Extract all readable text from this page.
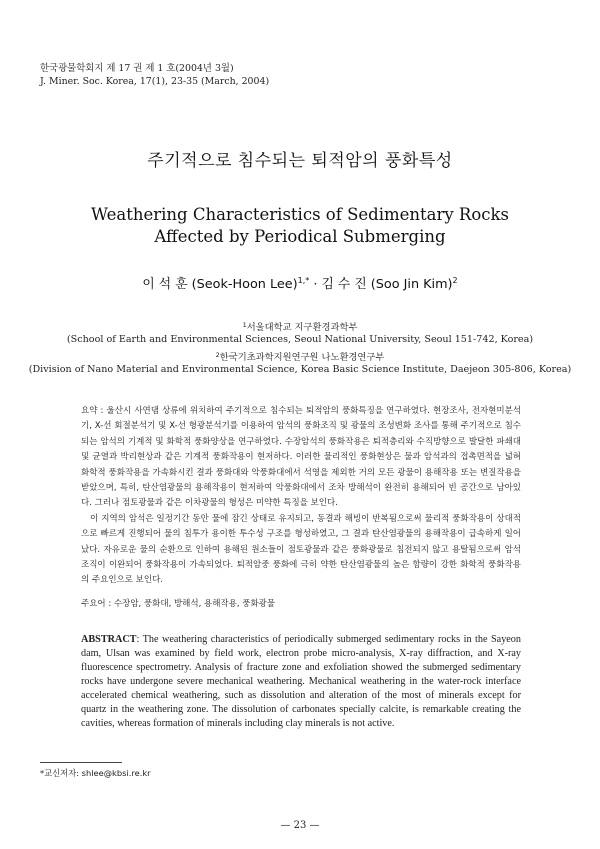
한국광물학회지 제 17 권 제 1 호(2004년 3월)
J. Miner. Soc. Korea, 17(1), 23-35 (March, 2004)
주기적으로 침수되는 퇴적암의 풍화특성
Weathering Characteristics of Sedimentary Rocks Affected by Periodical Submerging
이 석 훈 (Seok-Hoon Lee)$^{1,*}$ · 김 수 진 (Soo Jin Kim)$^2$
$^1$서울대학교 지구환경과학부
(School of Earth and Environmental Sciences, Seoul National University, Seoul 151-742, Korea)
$^2$한국기초과학지원연구원 나노환경연구부
(Division of Nano Material and Environmental Science, Korea Basic Science Institute, Daejeon 305-806, Korea)

요약 : 울산시 사연댐 상류에 위치하여 주기적으로 침수되는 퇴적암의 풍화특징을 연구하였다. 현장조사, 전자현미분석기, X-선 회절분석기 및 X-선 형광분석기를 이용하여 암석의 풍화조직 및 광물의 조성변화 조사를 통해 주기적으로 침수되는 암석의 기계적 및 화학적 풍화양상을 연구하였다. 수장암석의 풍화작용은 퇴적층리와 수직방향으로 발달한 파쇄대 및 균열과 박리현상과 같은 기계적 풍화작용이 현저하다. 이러한 물리적인 풍화현상은 물과 암석과의 접촉면적을 넓혀 화학적 풍화작용을 가속화시킨 결과 풍화대와 악풍화대에서 석영을 제외한 거의 모든 광물이 용해작용 또는 변질작용을 받았으며, 특히, 탄산염광물의 용해작용이 현저하여 악풍화대에서 조차 방해석이 완전히 용해되어 빈 공간으로 남아있다. 그러나 점토광물과 같은 이차광물의 형성은 미약한 특징을 보인다.

이 지역의 암석은 일정기간 동안 물에 잠긴 상태로 유지되고, 동결과 해빙이 반복됨으로써 물리적 풍화작용이 상대적으로 빠르게 진행되어 물의 침투가 용이한 투수성 구조를 형성하였고, 그 결과 탄산염광물의 용해작용이 급속하게 일어났다. 자유로운 물의 순환으로 인하여 용해된 원소들이 점토광물과 같은 풍화광물로 침전되지 않고 용탈됨으로써 암석조직이 이완되어 풍화작용이 가속되었다. 퇴적암중 풍화에 극히 약한 탄산염광물의 높은 함량이 강한 화학적 풍화작용의 주요인으로 보인다.

주요어 : 수장암, 풍화대, 방해석, 용해작용, 풍화광물
ABSTRACT: The weathering characteristics of periodically submerged sedimentary rocks in the Sayeon dam, Ulsan was examined by field work, electron probe micro-analysis, X-ray diffraction, and X-ray fluorescence spectrometry. Analysis of fracture zone and exfoliation showed the submerged sedimentary rocks have undergone severe mechanical weathering. Mechanical weathering in the water-rock interface accelerated chemical weathering, such as dissolution and alteration of the most of minerals except for quartz in the weathering zone. The dissolution of carbonates specially calcite, is remarkable creating the cavities, whereas formation of minerals including clay minerals is not active.
*교신저자: shlee@kbsi.re.kr
— 23 —
